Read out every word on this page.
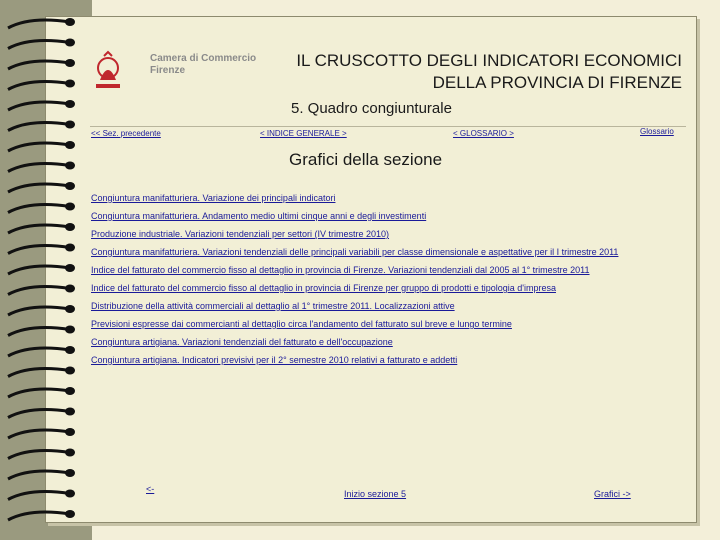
Camera di Commercio
Firenze
IL CRUSCOTTO DEGLI INDICATORI ECONOMICI
DELLA PROVINCIA DI FIRENZE
5. Quadro congiunturale
<< Sez. precedente	< INDICE GENERALE >	< GLOSSARIO >	Glossario
Grafici della sezione
Congiuntura manifatturiera. Variazione dei principali indicatori
Congiuntura manifatturiera. Andamento medio ultimi cinque anni e degli investimenti
Produzione industriale. Variazioni tendenziali per settori (IV trimestre 2010)
Congiuntura manifatturiera. Variazioni tendenziali delle principali variabili per classe dimensionale e aspettative per il I trimestre 2011
Indice del fatturato del commercio fisso al dettaglio in provincia di Firenze. Variazioni tendenziali dal 2005 al 1° trimestre 2011
Indice del fatturato del commercio fisso al dettaglio in provincia di Firenze per gruppo di prodotti e tipologia d'impresa
Distribuzione della attività commerciali al dettaglio al 1° trimestre 2011. Localizzazioni attive
Previsioni espresse dai commercianti al dettaglio circa l'andamento del fatturato sul breve e lungo termine
Congiuntura artigiana. Variazioni tendenziali del fatturato e dell'occupazione
Congiuntura artigiana. Indicatori previsivi per il 2° semestre 2010 relativi a fatturato e addetti
<-	Inizio sezione 5	Grafici ->
